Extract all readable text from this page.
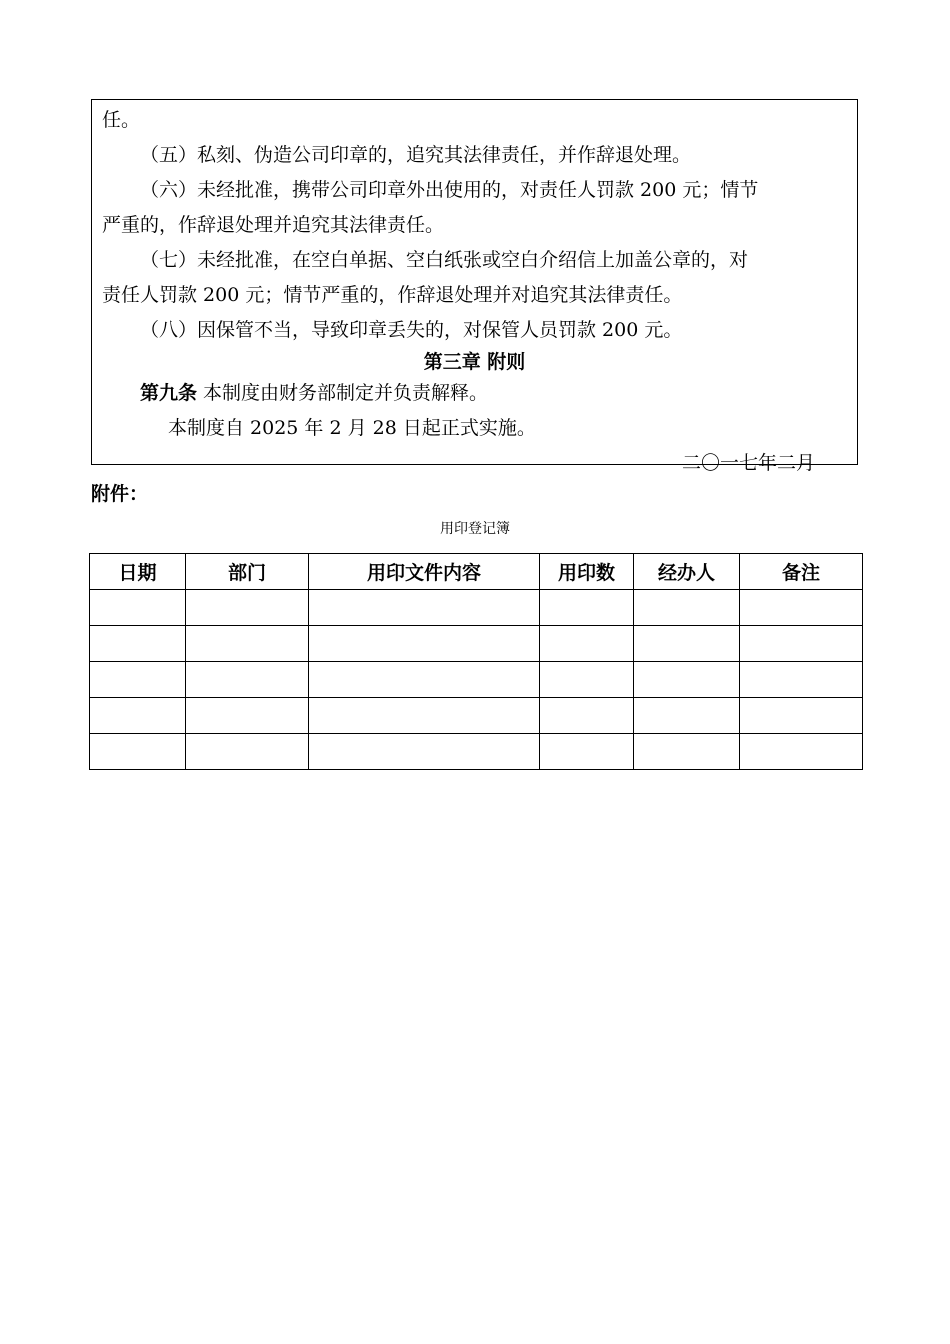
任。
（五）私刻、伪造公司印章的，追究其法律责任，并作辞退处理。
（六）未经批准，携带公司印章外出使用的，对责任人罚款 200 元；情节
严重的，作辞退处理并追究其法律责任。
（七）未经批准，在空白单据、空白纸张或空白介绍信上加盖公章的，对
责任人罚款 200 元；情节严重的，作辞退处理并对追究其法律责任。
（八）因保管不当，导致印章丢失的，对保管人员罚款 200 元。
第三章 附则
第九条 本制度由财务部制定并负责解释。
本制度自 2025 年 2 月 28 日起正式实施。
二〇一七年二月
附件：
用印登记簿
日期	部门	用印文件内容	用印数	经办人	备注
